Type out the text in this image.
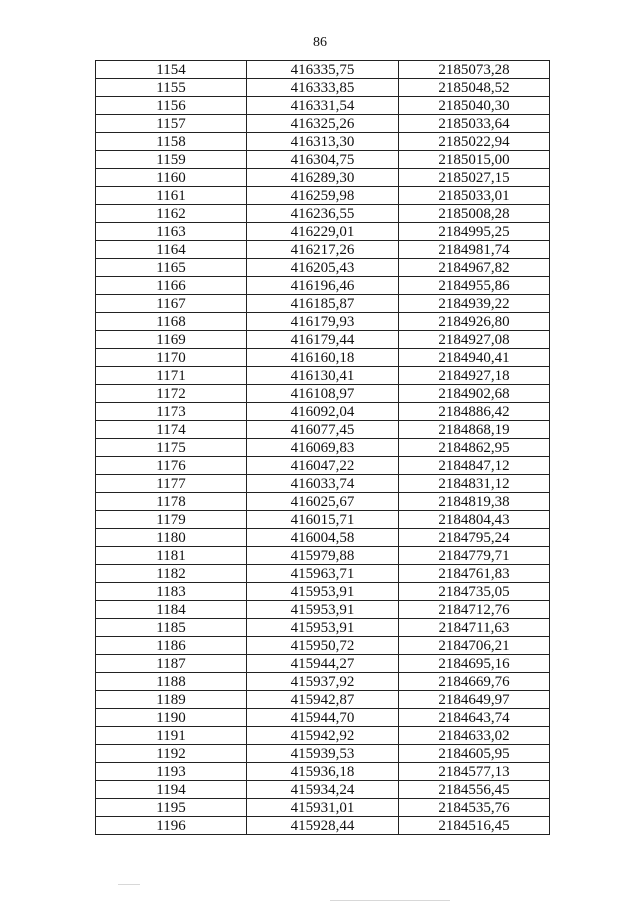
86
1154	416335,75	2185073,28
1155	416333,85	2185048,52
1156	416331,54	2185040,30
1157	416325,26	2185033,64
1158	416313,30	2185022,94
1159	416304,75	2185015,00
1160	416289,30	2185027,15
1161	416259,98	2185033,01
1162	416236,55	2185008,28
1163	416229,01	2184995,25
1164	416217,26	2184981,74
1165	416205,43	2184967,82
1166	416196,46	2184955,86
1167	416185,87	2184939,22
1168	416179,93	2184926,80
1169	416179,44	2184927,08
1170	416160,18	2184940,41
1171	416130,41	2184927,18
1172	416108,97	2184902,68
1173	416092,04	2184886,42
1174	416077,45	2184868,19
1175	416069,83	2184862,95
1176	416047,22	2184847,12
1177	416033,74	2184831,12
1178	416025,67	2184819,38
1179	416015,71	2184804,43
1180	416004,58	2184795,24
1181	415979,88	2184779,71
1182	415963,71	2184761,83
1183	415953,91	2184735,05
1184	415953,91	2184712,76
1185	415953,91	2184711,63
1186	415950,72	2184706,21
1187	415944,27	2184695,16
1188	415937,92	2184669,76
1189	415942,87	2184649,97
1190	415944,70	2184643,74
1191	415942,92	2184633,02
1192	415939,53	2184605,95
1193	415936,18	2184577,13
1194	415934,24	2184556,45
1195	415931,01	2184535,76
1196	415928,44	2184516,45
